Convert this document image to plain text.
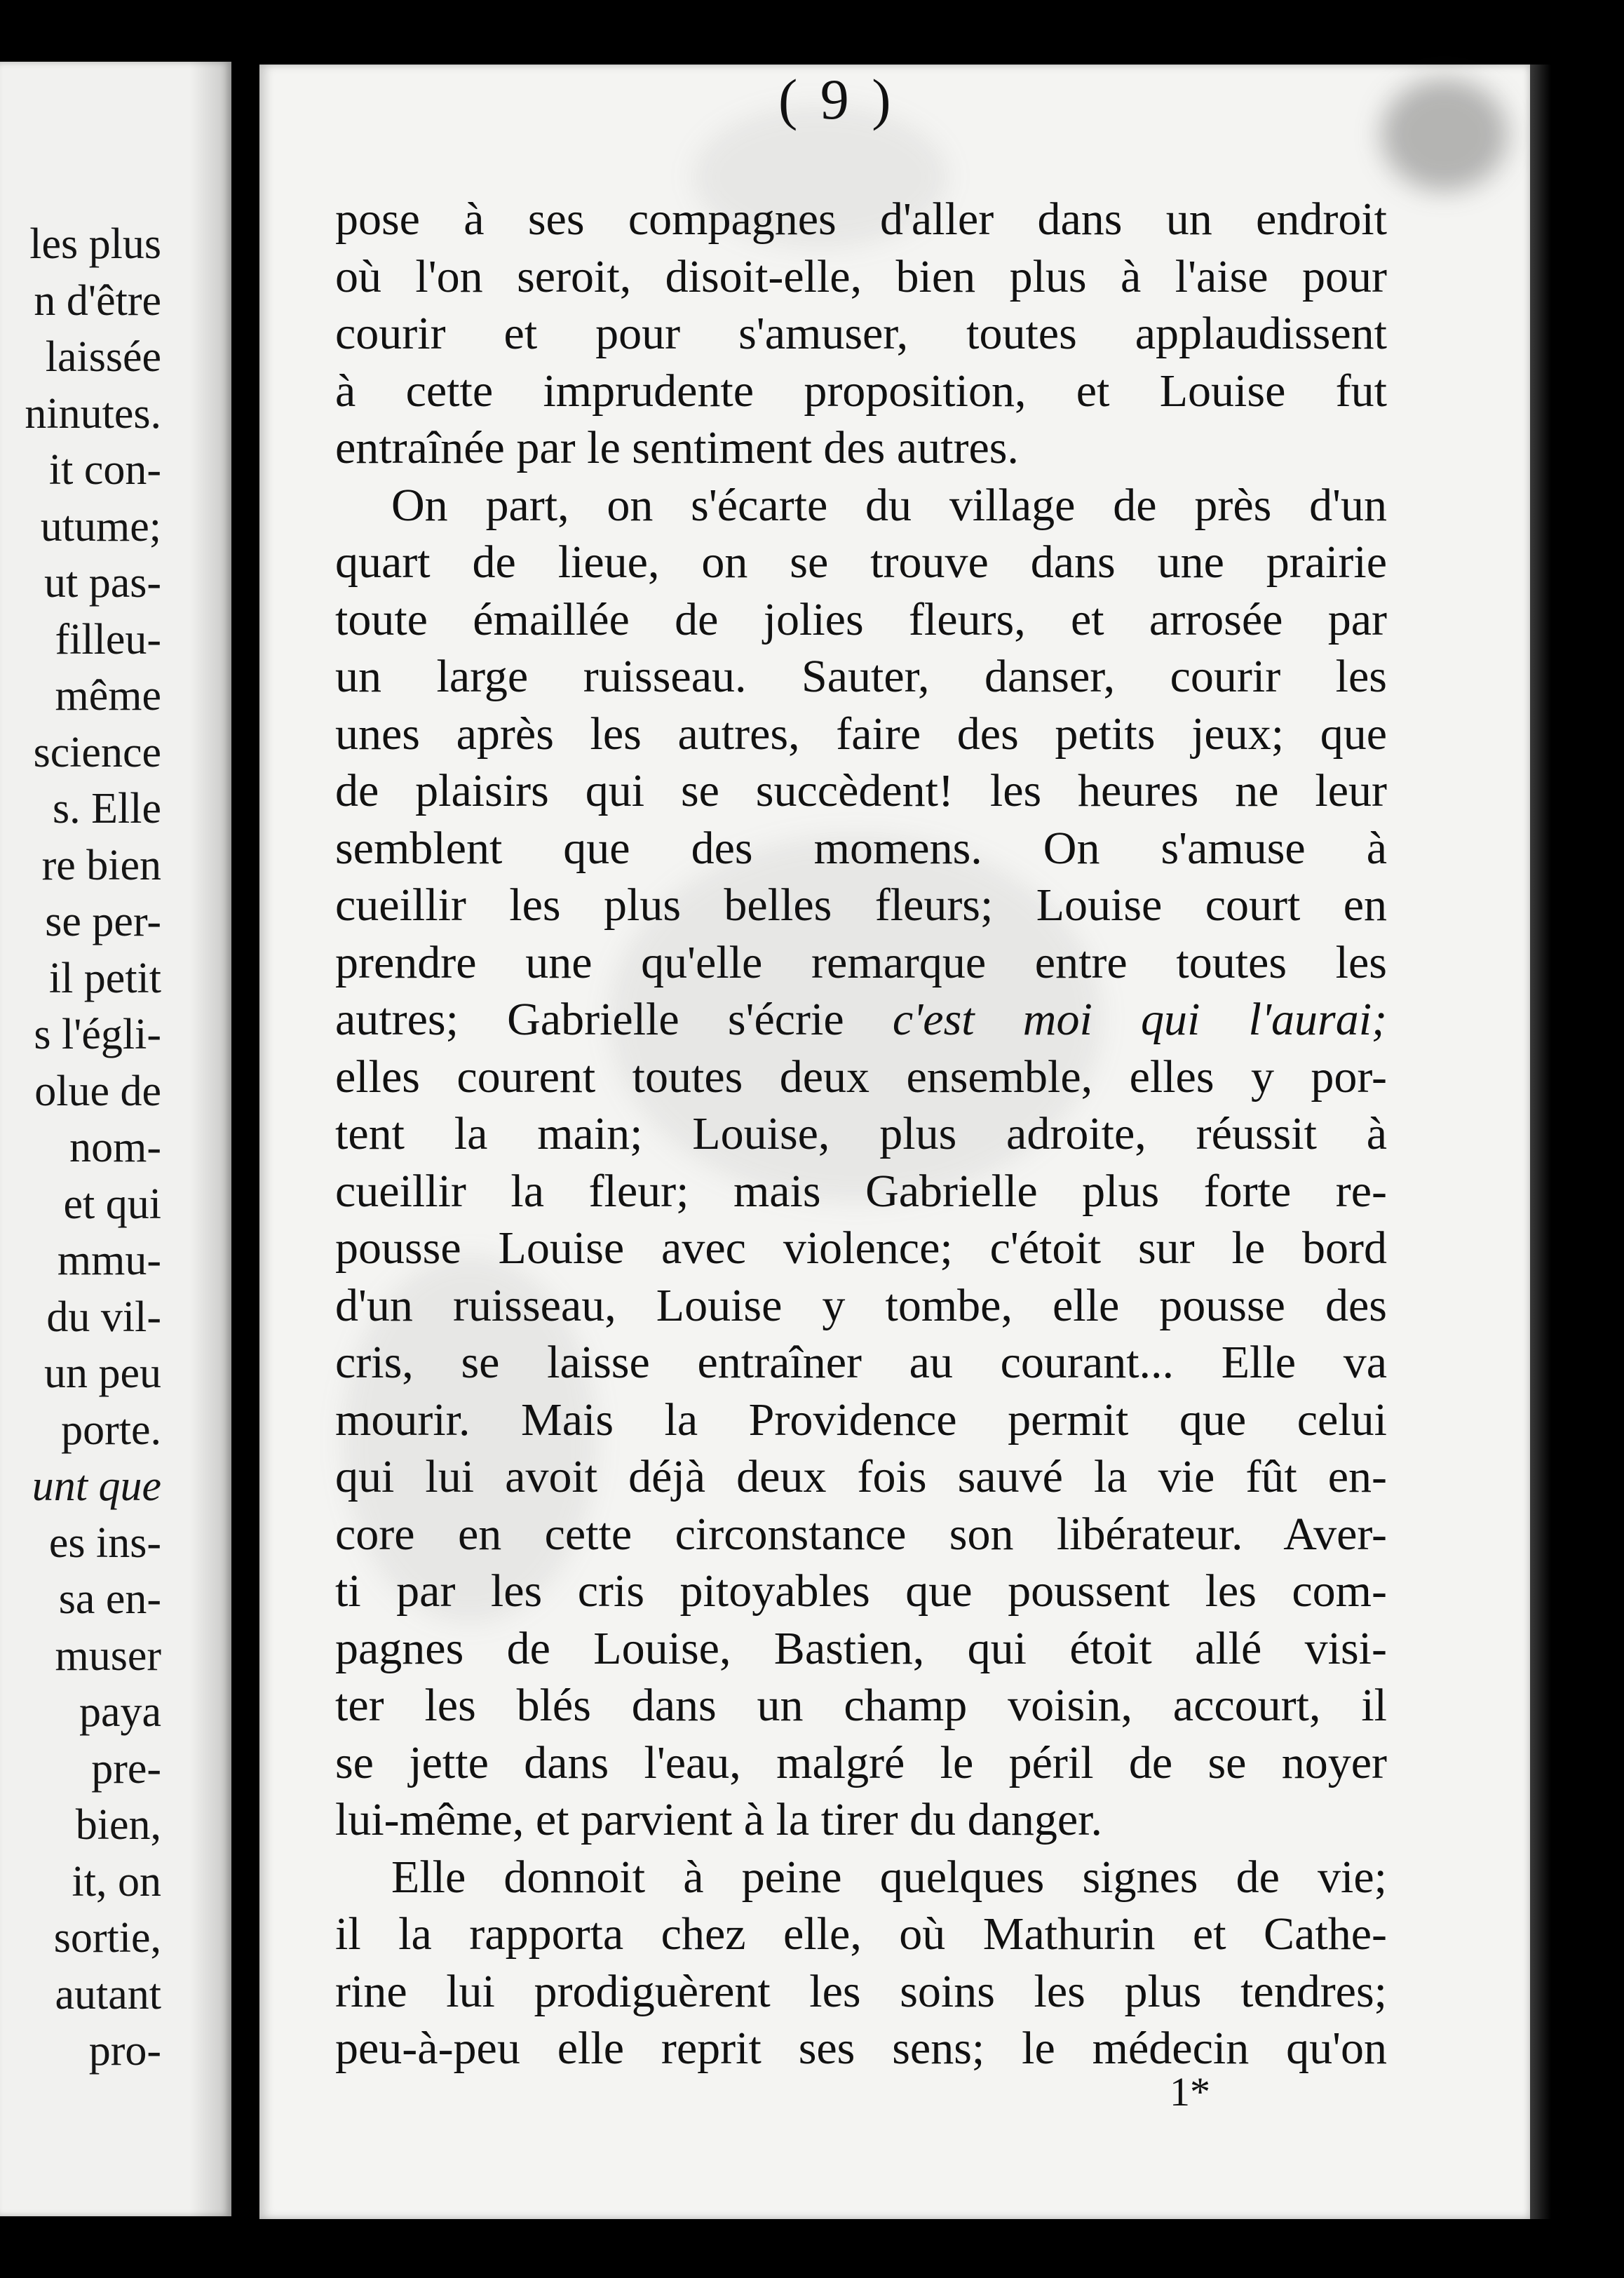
les plus
n d'être
laissée
ninutes.
it con-
utume;
ut pas-
filleu-
même
science
s. Elle
re bien
se per-
il petit
s l'égli-
olue de
nom-
et qui
mmu-
du vil-
un peu
porte.
unt que
es ins-
sa en-
muser
paya
pre-
bien,
it, on
sortie,
autant
pro-
( 9 )
pose à ses compagnes d'aller dans un endroit
où l'on seroit, disoit-elle, bien plus à l'aise pour
courir et pour s'amuser, toutes applaudissent
à cette imprudente proposition, et Louise fut
entraînée par le sentiment des autres.
On part, on s'écarte du village de près d'un
quart de lieue, on se trouve dans une prairie
toute émaillée de jolies fleurs, et arrosée par
un large ruisseau. Sauter, danser, courir les
unes après les autres, faire des petits jeux; que
de plaisirs qui se succèdent! les heures ne leur
semblent que des momens. On s'amuse à
cueillir les plus belles fleurs; Louise court en
prendre une qu'elle remarque entre toutes les
autres; Gabrielle s'écrie c'est moi qui l'aurai;
elles courent toutes deux ensemble, elles y por-
tent la main; Louise, plus adroite, réussit à
cueillir la fleur; mais Gabrielle plus forte re-
pousse Louise avec violence; c'étoit sur le bord
d'un ruisseau, Louise y tombe, elle pousse des
cris, se laisse entraîner au courant... Elle va
mourir. Mais la Providence permit que celui
qui lui avoit déjà deux fois sauvé la vie fût en-
core en cette circonstance son libérateur. Aver-
ti par les cris pitoyables que poussent les com-
pagnes de Louise, Bastien, qui étoit allé visi-
ter les blés dans un champ voisin, accourt, il
se jette dans l'eau, malgré le péril de se noyer
lui-même, et parvient à la tirer du danger.
Elle donnoit à peine quelques signes de vie;
il la rapporta chez elle, où Mathurin et Cathe-
rine lui prodiguèrent les soins les plus tendres;
peu-à-peu elle reprit ses sens; le médecin qu'on
1*
